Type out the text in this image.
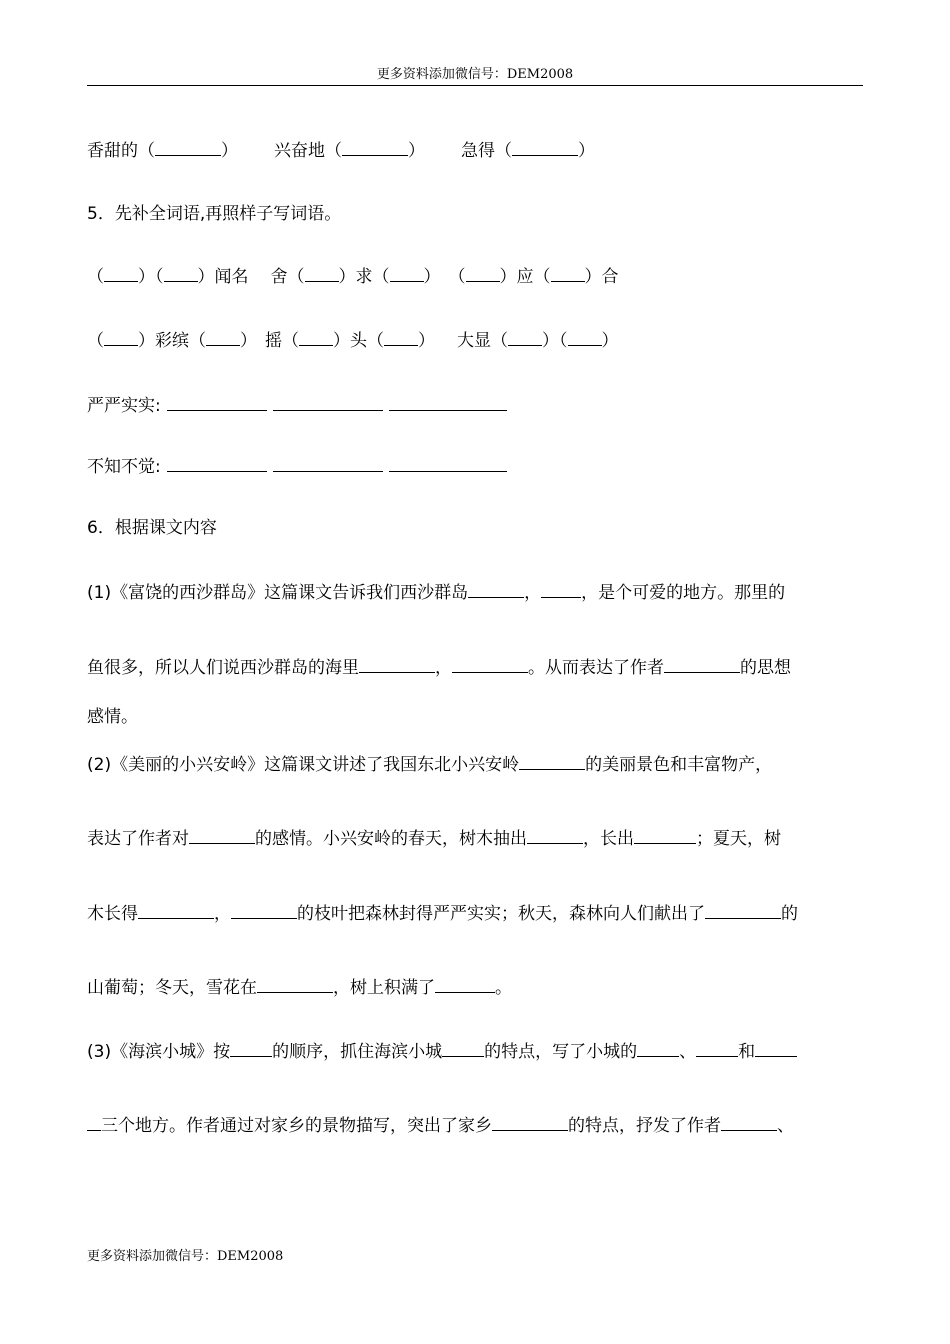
更多资料添加微信号：DEM2008
香甜的（	） 兴奋地（	） 急得（	）
5．先补全词语,再照样子写词语。
（ ）（ ）闻名 舍（ ）求（ ） （ ）应（ ）合
（ ）彩缤（ ） 摇（ ）头（ ） 大显（ ）（ ）
严严实实:
不知不觉:
6．根据课文内容
(1)《富饶的西沙群岛》这篇课文告诉我们西沙群岛	， ，是个可爱的地方。那里的
鱼很多，所以人们说西沙群岛的海里	，	。从而表达了作者	的思想
感情。
(2)《美丽的小兴安岭》这篇课文讲述了我国东北小兴安岭	的美丽景色和丰富物产，
表达了作者对	的感情。小兴安岭的春天，树木抽出	，长出	；夏天，树
木长得	，	的枝叶把森林封得严严实实；秋天，森林向人们献出了	的
山葡萄；冬天，雪花在	，树上积满了	。
(3)《海滨小城》按 的顺序，抓住海滨小城 的特点，写了小城的 、 和
三个地方。作者通过对家乡的景物描写，突出了家乡	的特点，抒发了作者	、
更多资料添加微信号：DEM2008
